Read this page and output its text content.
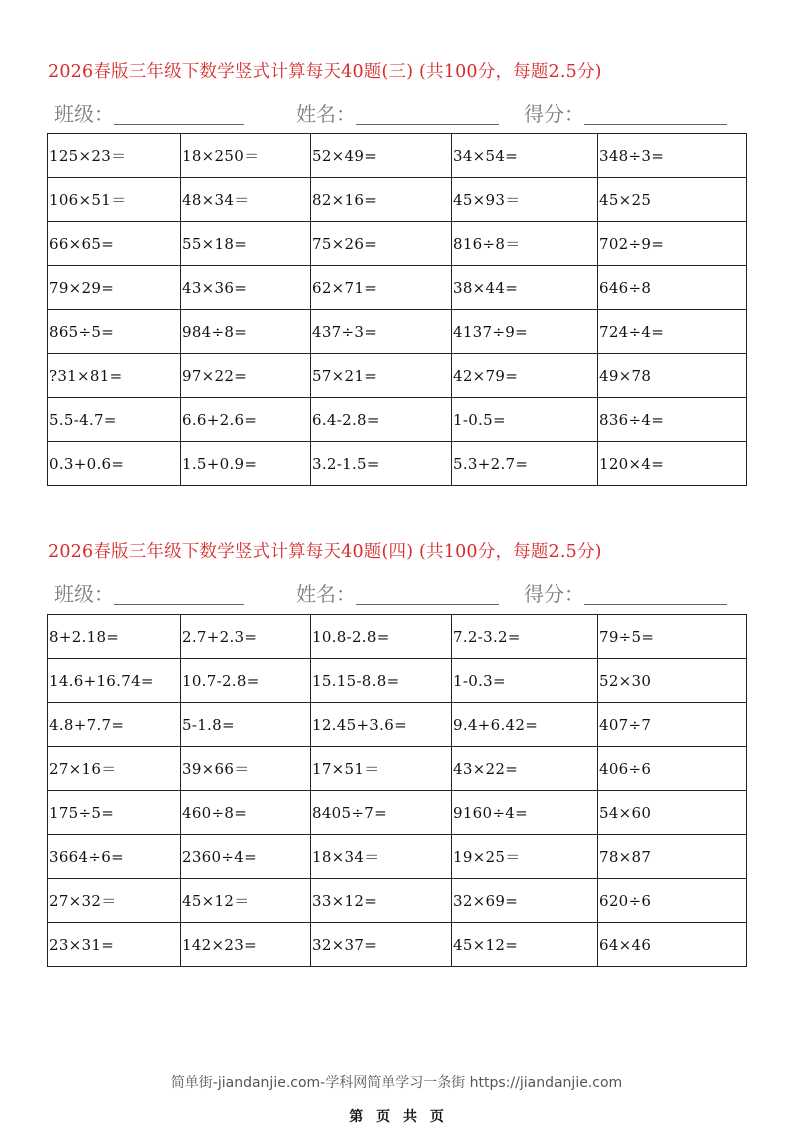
2026春版三年级下数学竖式计算每天40题(三) (共100分，每题2.5分)
班级：	姓名：	得分：
125×23＝	18×250＝	52×49=	34×54=	348÷3=
106×51＝	48×34＝	82×16=	45×93＝	45×25
66×65=	55×18=	75×26=	816÷8＝	702÷9=
79×29=	43×36=	62×71=	38×44=	646÷8
865÷5=	984÷8=	437÷3=	4137÷9=	724÷4=
?31×81=	97×22=	57×21=	42×79=	49×78
5.5-4.7=	6.6+2.6=	6.4-2.8=	1-0.5=	836÷4=
0.3+0.6=	1.5+0.9=	3.2-1.5=	5.3+2.7=	120×4=
2026春版三年级下数学竖式计算每天40题(四) (共100分，每题2.5分)
班级：	姓名：	得分：
8+2.18=	2.7+2.3=	10.8-2.8=	7.2-3.2=	79÷5=
14.6+16.74=	10.7-2.8=	15.15-8.8=	1-0.3=	52×30
4.8+7.7=	5-1.8=	12.45+3.6=	9.4+6.42=	407÷7
27×16＝	39×66＝	17×51＝	43×22=	406÷6
175÷5=	460÷8=	8405÷7=	9160÷4=	54×60
3664÷6=	2360÷4=	18×34＝	19×25＝	78×87
27×32＝	45×12＝	33×12=	32×69=	620÷6
23×31=	142×23=	32×37=	45×12=	64×46
简单街-jiandanjie.com-学科网简单学习一条街 https://jiandanjie.com
第 页 共 页
